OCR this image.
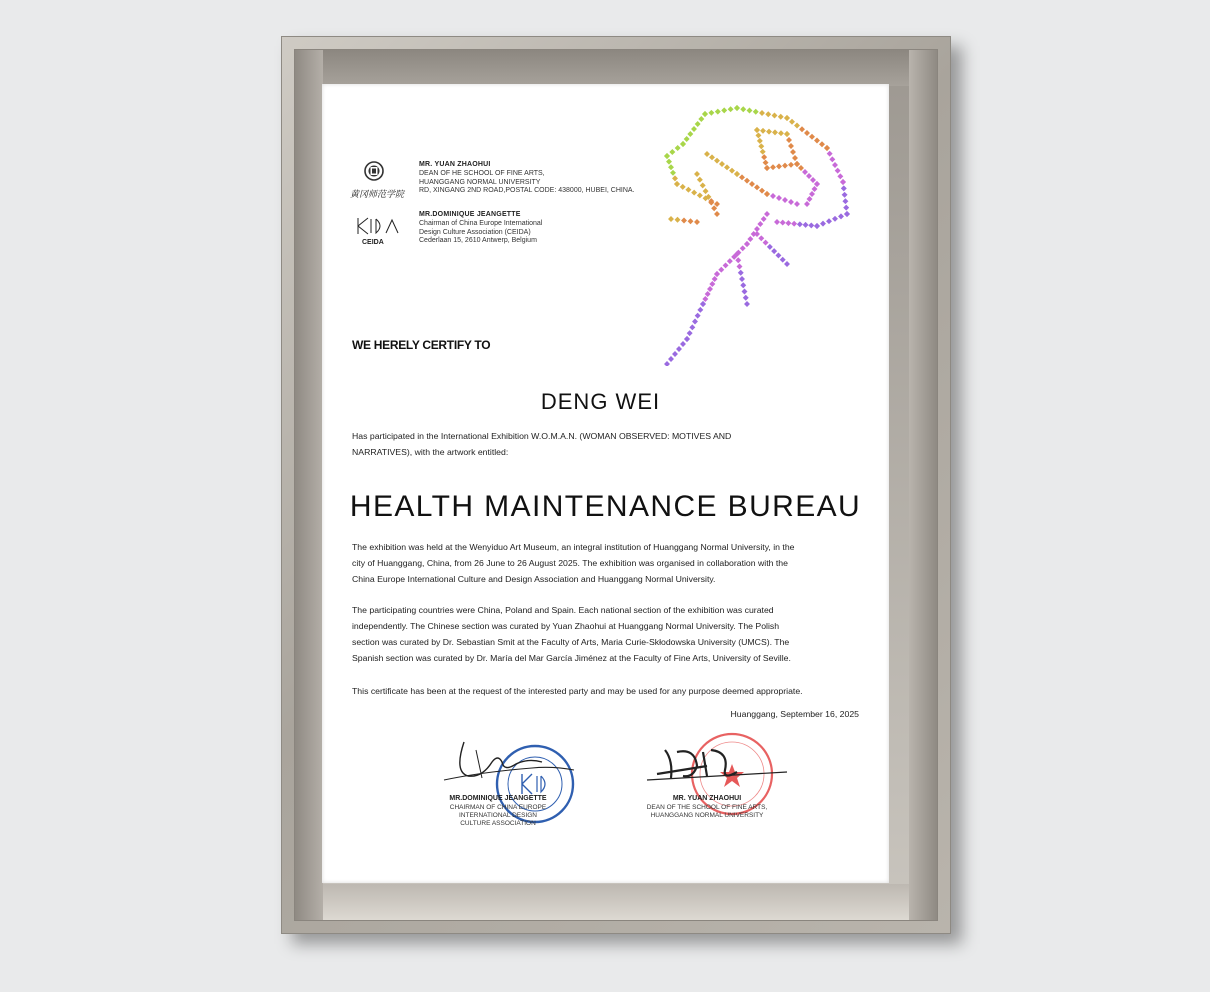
黄冈师范学院
MR. YUAN ZHAOHUI
DEAN OF HE SCHOOL OF FINE ARTS,
HUANGGANG NORMAL UNIVERSITY
RD, XINGANG 2ND ROAD,POSTAL CODE: 438000, HUBEI, CHINA.
CEIDA
MR.DOMINIQUE JEANGETTE
Chairman of China Europe International
Design Culture Association (CEIDA)
Cederlaan 15, 2610 Antwerp, Belgium
WE HERELY CERTIFY TO
DENG WEI
Has participated in the International Exhibition W.O.M.A.N. (WOMAN OBSERVED: MOTIVES AND
NARRATIVES), with the artwork entitled:
HEALTH MAINTENANCE BUREAU
The exhibition was held at the Wenyiduo Art Museum, an integral institution of Huanggang Normal University, in the
city of Huanggang, China, from 26 June to 26 August 2025. The exhibition was organised in collaboration with the
China Europe International Culture and Design Association and Huanggang Normal University.
The participating countries were China, Poland and Spain. Each national section of the exhibition was curated
independently. The Chinese section was curated by Yuan Zhaohui at Huanggang Normal University. The Polish
section was curated by Dr. Sebastian Smit at the Faculty of Arts, Maria Curie-Skłodowska University (UMCS). The
Spanish section was curated by Dr. María del Mar García Jiménez at the Faculty of Fine Arts, University of Seville.
This certificate has been at the request of the interested party and may be used for any purpose deemed appropriate.
Huanggang, September 16, 2025
MR.DOMINIQUE JEANGETTE
CHAIRMAN OF CHINA EUROPE
INTERNATIONAL DESIGN
CULTURE ASSOCIATION
MR. YUAN ZHAOHUI
DEAN OF THE SCHOOL OF FINE ARTS,
HUANGGANG NORMAL UNIVERSITY
